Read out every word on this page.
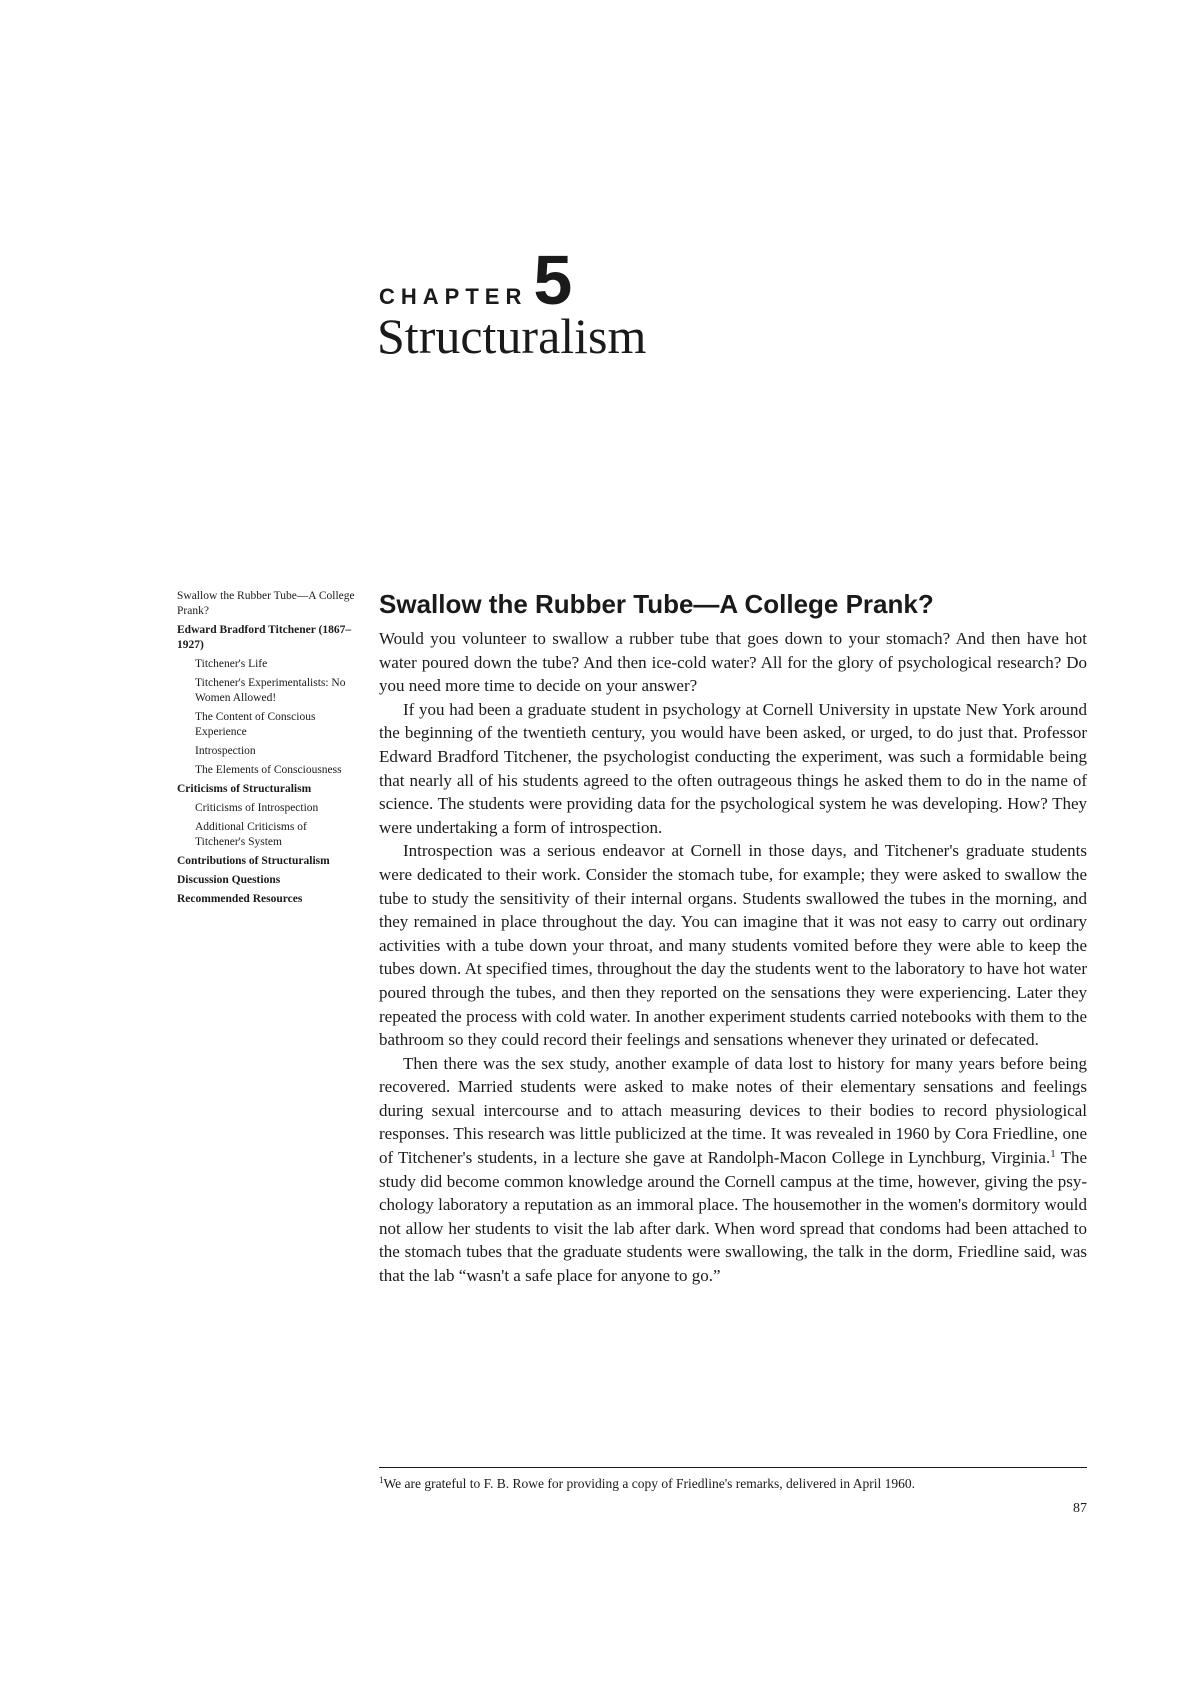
CHAPTER 5
Structuralism
Swallow the Rubber Tube—A College Prank?
Edward Bradford Titchener (1867–1927)
Titchener's Life
Titchener's Experimentalists: No Women Allowed!
The Content of Conscious Experience
Introspection
The Elements of Consciousness
Criticisms of Structuralism
Criticisms of Introspection
Additional Criticisms of Titchener's System
Contributions of Structuralism
Discussion Questions
Recommended Resources
Swallow the Rubber Tube—A College Prank?

Would you volunteer to swallow a rubber tube that goes down to your stomach? And then have hot water poured down the tube? And then ice-cold water? All for the glory of psychological research? Do you need more time to decide on your answer?

If you had been a graduate student in psychology at Cornell University in upstate New York around the beginning of the twentieth century, you would have been asked, or urged, to do just that. Professor Edward Bradford Titchener, the psychologist conducting the experiment, was such a formidable being that nearly all of his students agreed to the often outrageous things he asked them to do in the name of science. The students were providing data for the psychological system he was developing. How? They were undertaking a form of introspection.

Introspection was a serious endeavor at Cornell in those days, and Titchener's graduate students were dedicated to their work. Consider the stomach tube, for example; they were asked to swallow the tube to study the sensitivity of their internal organs. Students swallowed the tubes in the morning, and they remained in place throughout the day. You can imagine that it was not easy to carry out ordinary activities with a tube down your throat, and many students vomited before they were able to keep the tubes down. At specified times, throughout the day the students went to the laboratory to have hot water poured through the tubes, and then they reported on the sensations they were experiencing. Later they repeated the process with cold water. In another experiment students carried notebooks with them to the bathroom so they could record their feelings and sensations whenever they urinated or defecated.

Then there was the sex study, another example of data lost to history for many years before being recovered. Married students were asked to make notes of their elementary sensations and feelings during sexual intercourse and to attach measuring devices to their bodies to record physiological responses. This research was little publicized at the time. It was revealed in 1960 by Cora Friedline, one of Titchener's students, in a lecture she gave at Randolph-Macon College in Lynchburg, Virginia.$^1$ The study did become common knowledge around the Cornell campus at the time, however, giving the psychology laboratory a reputation as an immoral place. The housemother in the women's dormitory would not allow her students to visit the lab after dark. When word spread that condoms had been attached to the stomach tubes that the graduate students were swallowing, the talk in the dorm, Friedline said, was that the lab “wasn't a safe place for anyone to go.”

$^1$We are grateful to F. B. Rowe for providing a copy of Friedline's remarks, delivered in April 1960.

87
